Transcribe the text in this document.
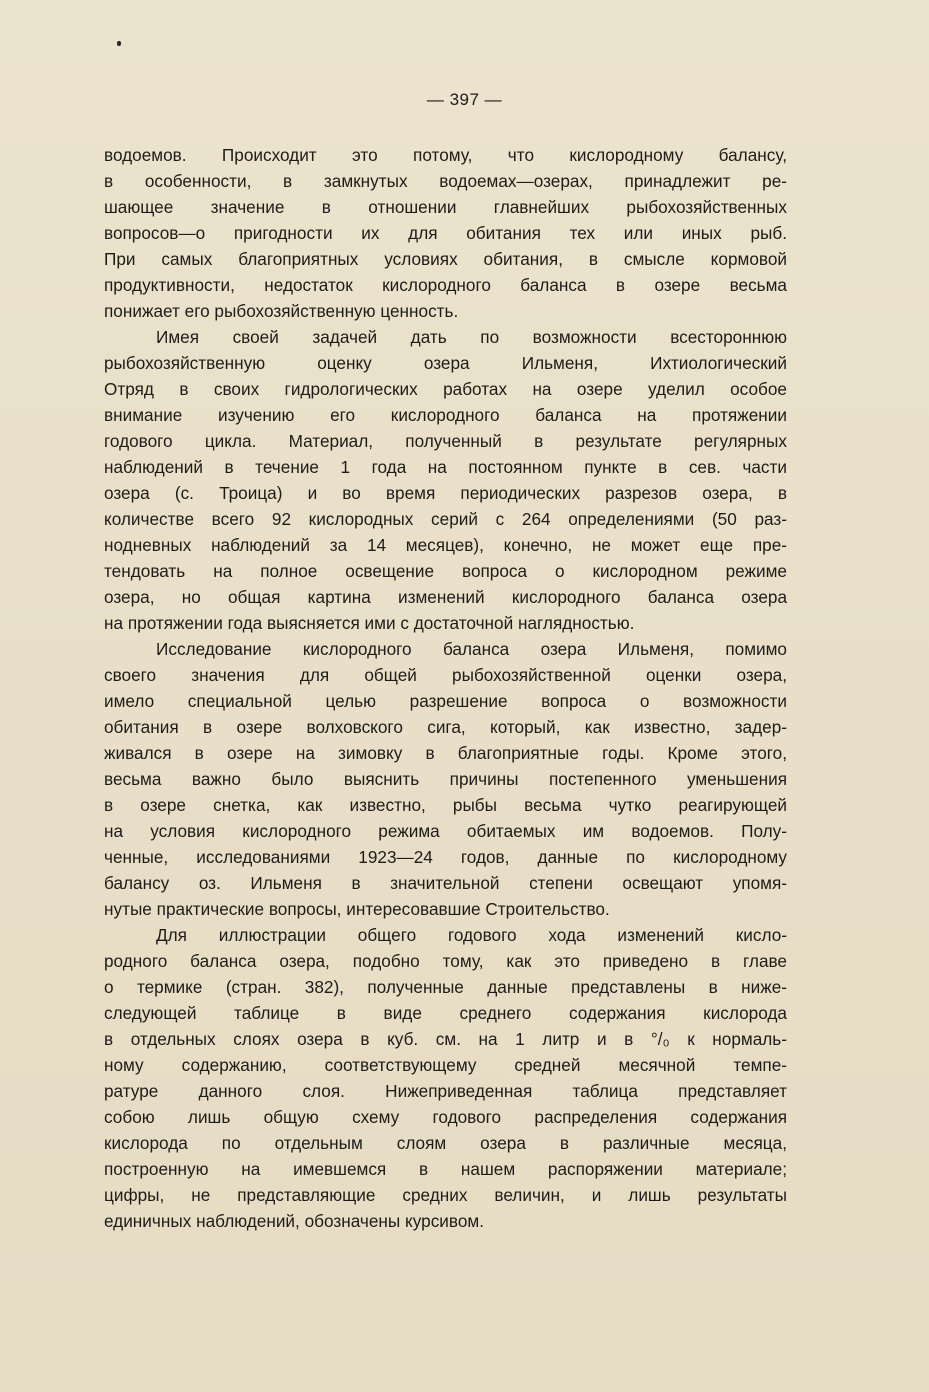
— 397 —
водоемов. Происходит это потому, что кислородному балансу,
в особенности, в замкнутых водоемах—озерах, принадлежит ре-
шающее значение в отношении главнейших рыбохозяйственных
вопросов—о пригодности их для обитания тех или иных рыб.
При самых благоприятных условиях обитания, в смысле кормовой
продуктивности, недостаток кислородного баланса в озере весьма
понижает его рыбохозяйственную ценность.
Имея своей задачей дать по возможности всестороннюю
рыбохозяйственную оценку озера Ильменя, Ихтиологический
Отряд в своих гидрологических работах на озере уделил особое
внимание изучению его кислородного баланса на протяжении
годового цикла. Материал, полученный в результате регулярных
наблюдений в течение 1 года на постоянном пункте в сев. части
озера (с. Троица) и во время периодических разрезов озера, в
количестве всего 92 кислородных серий с 264 определениями (50 раз-
нодневных наблюдений за 14 месяцев), конечно, не может еще пре-
тендовать на полное освещение вопроса о кислородном режиме
озера, но общая картина изменений кислородного баланса озера
на протяжении года выясняется ими с достаточной наглядностью.
Исследование кислородного баланса озера Ильменя, помимо
своего значения для общей рыбохозяйственной оценки озера,
имело специальной целью разрешение вопроса о возможности
обитания в озере волховского сига, который, как известно, задер-
живался в озере на зимовку в благоприятные годы. Кроме этого,
весьма важно было выяснить причины постепенного уменьшения
в озере снетка, как известно, рыбы весьма чутко реагирующей
на условия кислородного режима обитаемых им водоемов. Полу-
ченные, исследованиями 1923—24 годов, данные по кислородному
балансу оз. Ильменя в значительной степени освещают упомя-
нутые практические вопросы, интересовавшие Строительство.
Для иллюстрации общего годового хода изменений кисло-
родного баланса озера, подобно тому, как это приведено в главе
о термике (стран. 382), полученные данные представлены в ниже-
следующей таблице в виде среднего содержания кислорода
в отдельных слоях озера в куб. см. на 1 литр и в °/₀ к нормаль-
ному содержанию, соответствующему средней месячной темпе-
ратуре данного слоя. Нижеприведенная таблица представляет
собою лишь общую схему годового распределения содержания
кислорода по отдельным слоям озера в различные месяца,
построенную на имевшемся в нашем распоряжении материале;
цифры, не представляющие средних величин, и лишь результаты
единичных наблюдений, обозначены курсивом.
